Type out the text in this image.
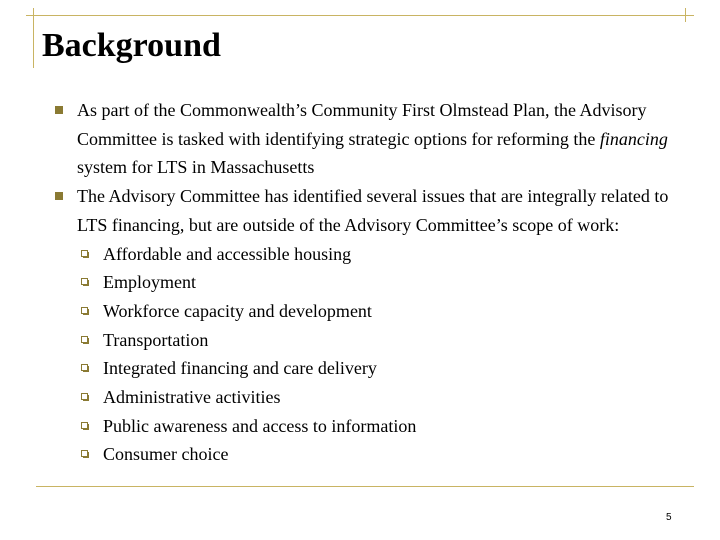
Background
As part of the Commonwealth’s Community First Olmstead Plan, the Advisory Committee is tasked with identifying strategic options for reforming the financing system for LTS in Massachusetts
The Advisory Committee has identified several issues that are integrally related to LTS financing, but are outside of the Advisory Committee’s scope of work:
Affordable and accessible housing
Employment
Workforce capacity and development
Transportation
Integrated financing and care delivery
Administrative activities
Public awareness and access to information
Consumer choice
5
